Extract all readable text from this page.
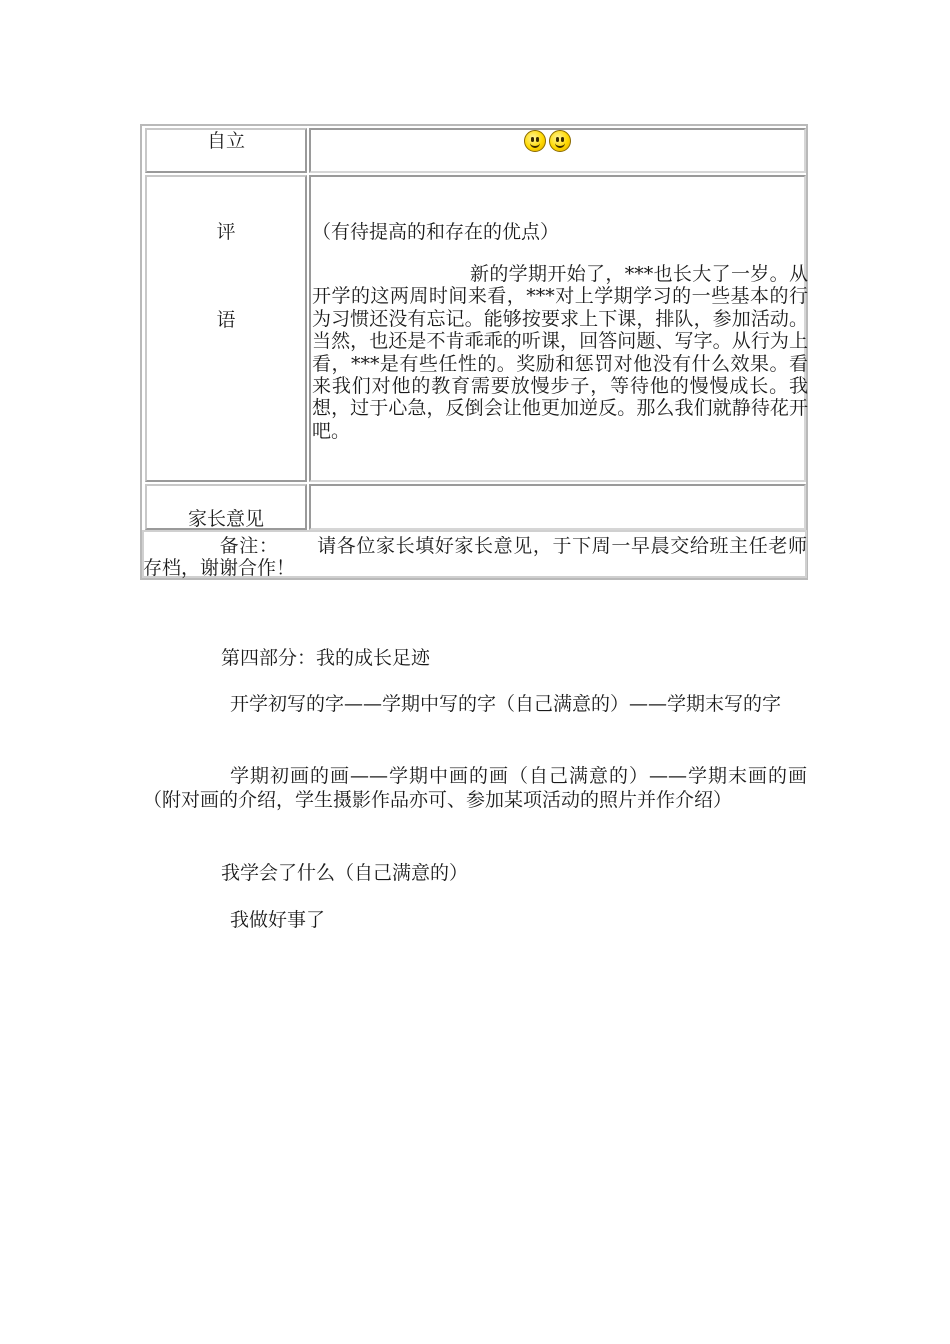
自立
评
语
（有待提高的和存在的优点）
新的学期开始了，***也长大了一岁。从开学的这两周时间来看，***对上学期学习的一些基本的行为习惯还没有忘记。能够按要求上下课，排队，参加活动。当然，也还是不肯乖乖的听课，回答问题、写字。从行为上看，***是有些任性的。奖励和惩罚对他没有什么效果。看来我们对他的教育需要放慢步子，等待他的慢慢成长。我想，过于心急，反倒会让他更加逆反。那么我们就静待花开吧。
家长意见
备注： 请各位家长填好家长意见，于下周一早晨交给班主任老师存档，谢谢合作！
第四部分：我的成长足迹
开学初写的字——学期中写的字（自己满意的）——学期末写的字
学期初画的画——学期中画的画（自己满意的）——学期末画的画（附对画的介绍，学生摄影作品亦可、参加某项活动的照片并作介绍）
我学会了什么（自己满意的）
我做好事了
